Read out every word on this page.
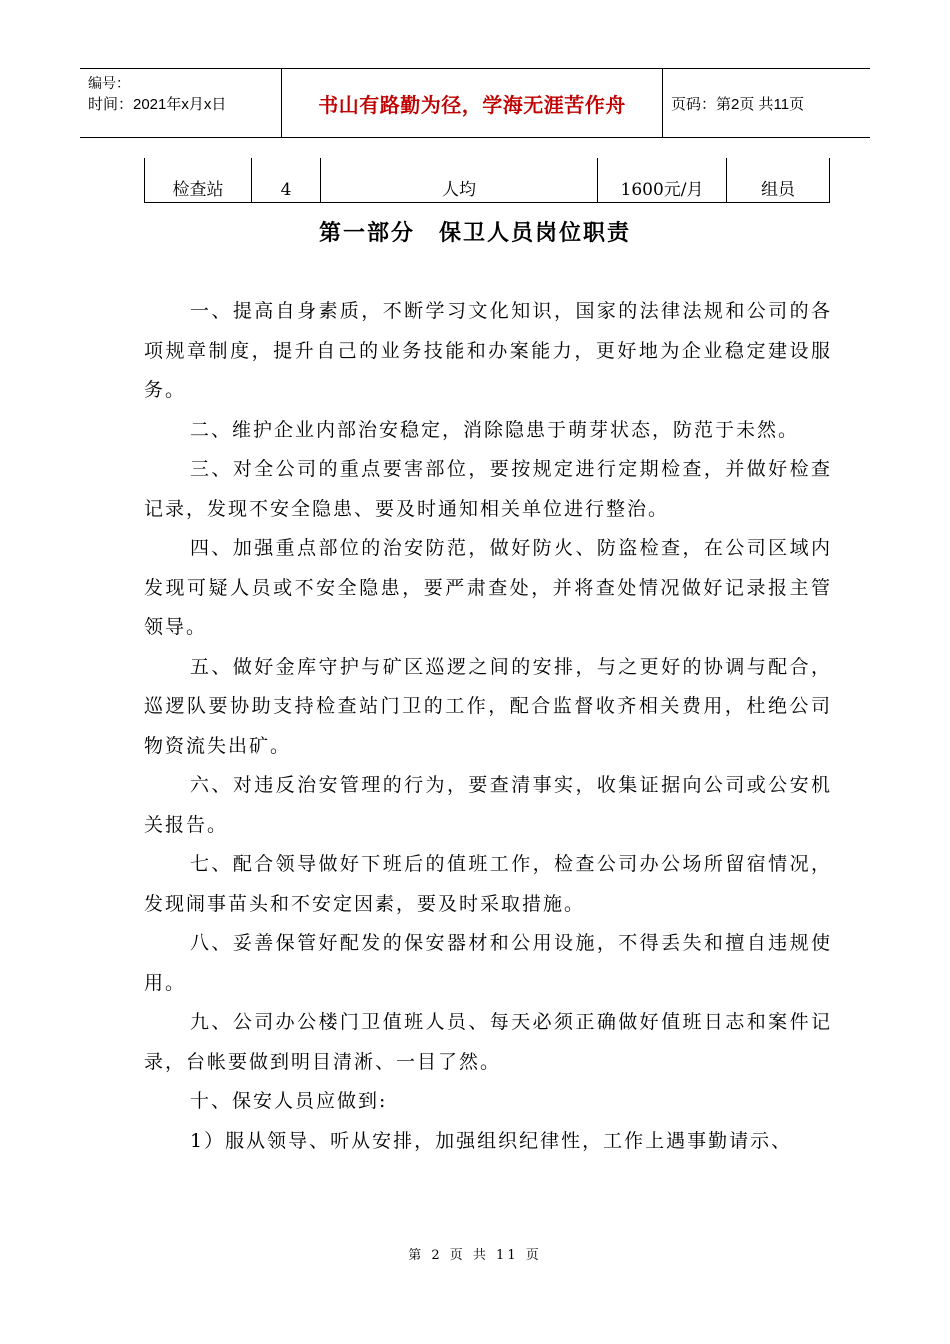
编号：
时间：2021年x月x日	书山有路勤为径，学海无涯苦作舟	页码：第2页 共11页
检查站	4	人均	1600元/月	组员
第一部分 保卫人员岗位职责

一、提高自身素质，不断学习文化知识，国家的法律法规和公司的各项规章制度，提升自己的业务技能和办案能力，更好地为企业稳定建设服务。

二、维护企业内部治安稳定，消除隐患于萌芽状态，防范于未然。

三、对全公司的重点要害部位，要按规定进行定期检查，并做好检查记录，发现不安全隐患、要及时通知相关单位进行整治。

四、加强重点部位的治安防范，做好防火、防盗检查，在公司区域内发现可疑人员或不安全隐患，要严肃查处，并将查处情况做好记录报主管领导。

五、做好金库守护与矿区巡逻之间的安排，与之更好的协调与配合，巡逻队要协助支持检查站门卫的工作，配合监督收齐相关费用，杜绝公司物资流失出矿。

六、对违反治安管理的行为，要查清事实，收集证据向公司或公安机关报告。

七、配合领导做好下班后的值班工作，检查公司办公场所留宿情况，发现闹事苗头和不安定因素，要及时采取措施。

八、妥善保管好配发的保安器材和公用设施，不得丢失和擅自违规使用。

九、公司办公楼门卫值班人员、每天必须正确做好值班日志和案件记录，台帐要做到明目清淅、一目了然。

十、保安人员应做到:

1）服从领导、听从安排，加强组织纪律性，工作上遇事勤请示、

第 2 页 共 11 页
